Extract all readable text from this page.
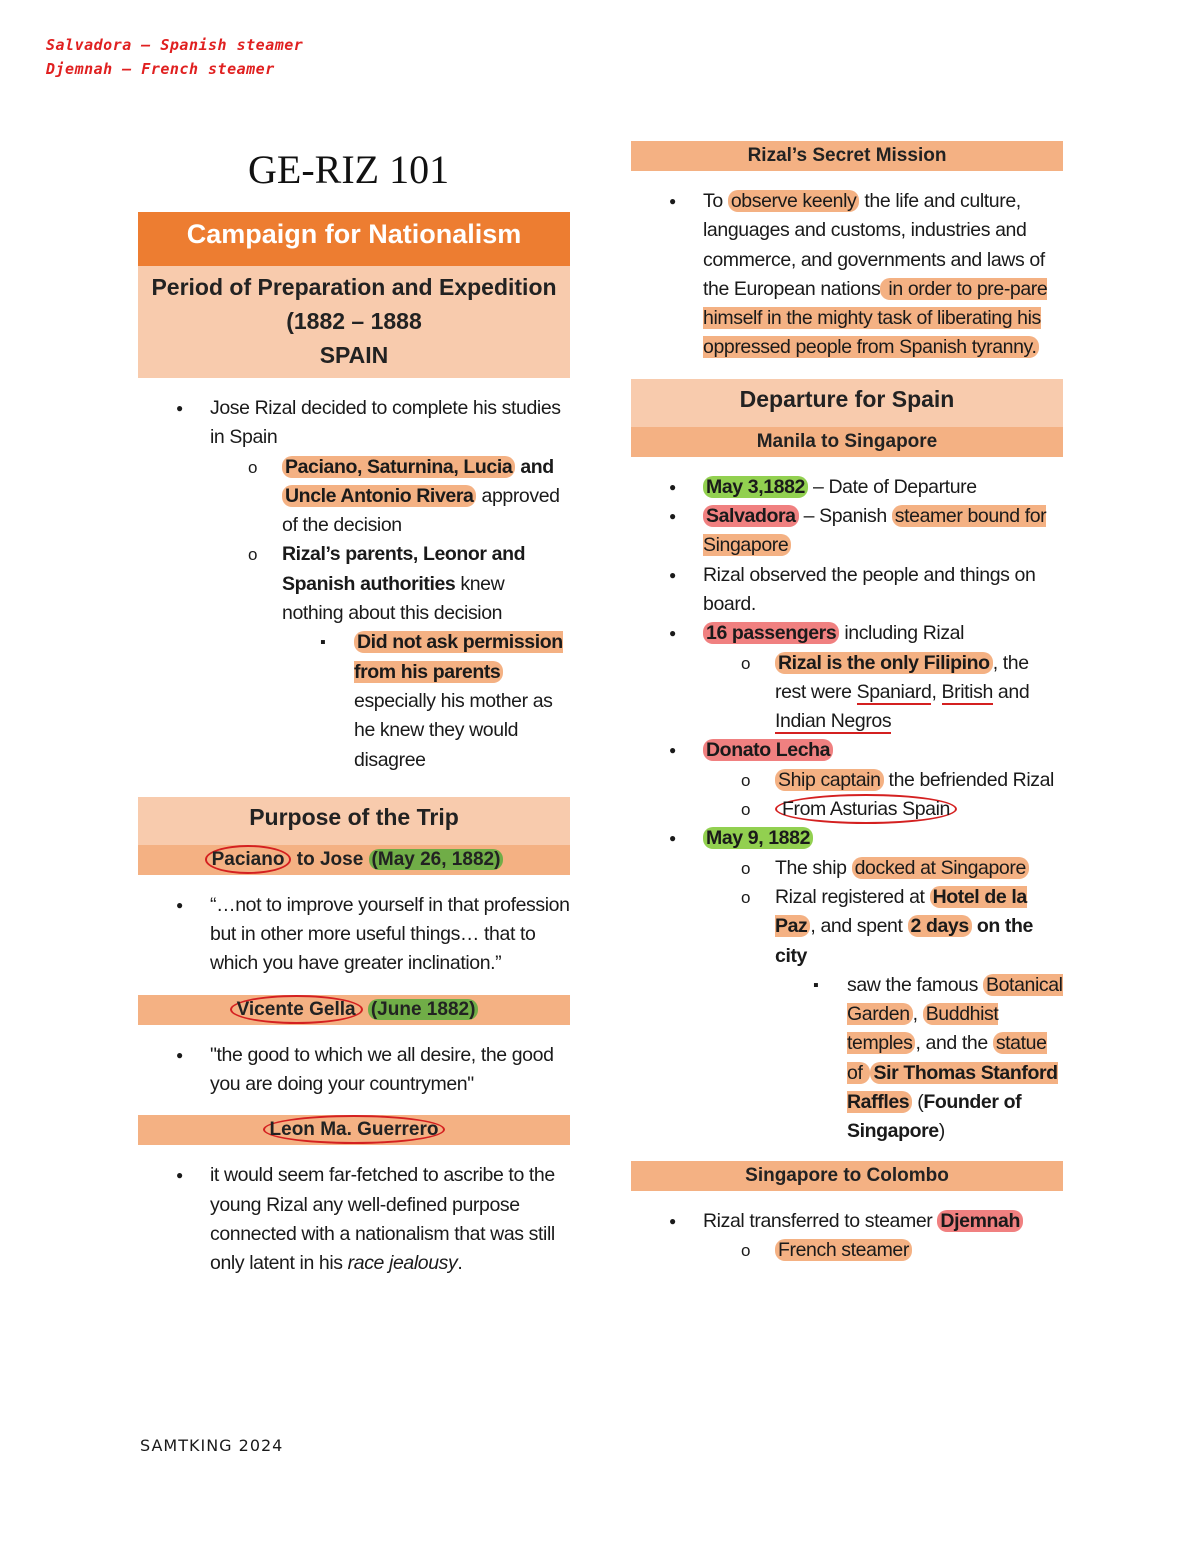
Salvadora — Spanish steamer
Djemnah — French steamer
GE-RIZ 101
Campaign for Nationalism
Period of Preparation and Expedition
(1882 – 1888
SPAIN
● Jose Rizal decided to complete his studies in Spain
o Paciano, Saturnina, Lucia and Uncle Antonio Rivera approved of the decision
o Rizal’s parents, Leonor and Spanish authorities knew nothing about this decision
▪ Did not ask permission from his parents especially his mother as he knew they would disagree
Purpose of the Trip
Paciano to Jose (May 26, 1882)
● “…not to improve yourself in that profession but in other more useful things… that to which you have greater inclination.”
Vicente Gella (June 1882)
● "the good to which we all desire, the good you are doing your countrymen"
Leon Ma. Guerrero
● it would seem far-fetched to ascribe to the young Rizal any well-defined purpose connected with a nationalism that was still only latent in his race jealousy.
Rizal’s Secret Mission
● To observe keenly the life and culture, languages and customs, industries and commerce, and governments and laws of the European nations in order to pre-pare himself in the mighty task of liberating his oppressed people from Spanish tyranny.
Departure for Spain
Manila to Singapore
● May 3,1882 – Date of Departure
● Salvadora – Spanish steamer bound for Singapore
● Rizal observed the people and things on board.
● 16 passengers including Rizal
o Rizal is the only Filipino , the rest were Spaniard, British and Indian Negros
● Donato Lecha
o Ship captain the befriended Rizal
o From Asturias Spain
● May 9, 1882
o The ship docked at Singapore
o Rizal registered at Hotel de la Paz , and spent 2 days on the city
▪ saw the famous Botanical Garden , Buddhist temples , and the statue of Sir Thomas Stanford Raffles (Founder of Singapore)
Singapore to Colombo
● Rizal transferred to steamer Djemnah
o French steamer
SAMTKING 2024
